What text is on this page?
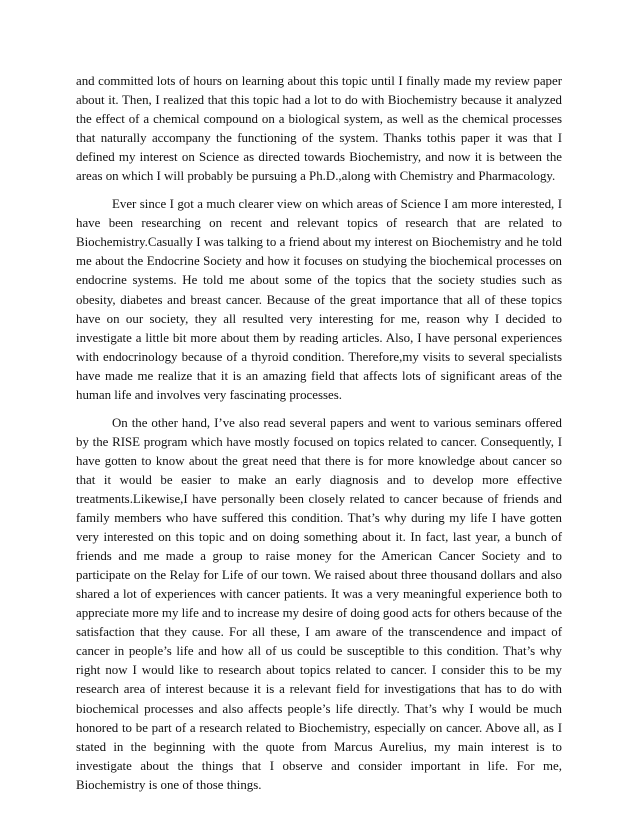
and committed lots of hours on learning about this topic until I finally made my review paper about it. Then, I realized that this topic had a lot to do with Biochemistry because it analyzed the effect of a chemical compound on a biological system, as well as the chemical processes that naturally accompany the functioning of the system. Thanks tothis paper it was that I defined my interest on Science as directed towards Biochemistry, and now it is between the areas on which I will probably be pursuing a Ph.D.,along with Chemistry and Pharmacology.

Ever since I got a much clearer view on which areas of Science I am more interested, I have been researching on recent and relevant topics of research that are related to Biochemistry.Casually I was talking to a friend about my interest on Biochemistry and he told me about the Endocrine Society and how it focuses on studying the biochemical processes on endocrine systems. He told me about some of the topics that the society studies such as obesity, diabetes and breast cancer. Because of the great importance that all of these topics have on our society, they all resulted very interesting for me, reason why I decided to investigate a little bit more about them by reading articles. Also, I have personal experiences with endocrinology because of a thyroid condition. Therefore,my visits to several specialists have made me realize that it is an amazing field that affects lots of significant areas of the human life and involves very fascinating processes.

On the other hand, I’ve also read several papers and went to various seminars offered by the RISE program which have mostly focused on topics related to cancer. Consequently, I have gotten to know about the great need that there is for more knowledge about cancer so that it would be easier to make an early diagnosis and to develop more effective treatments.Likewise,I have personally been closely related to cancer because of friends and family members who have suffered this condition. That’s why during my life I have gotten very interested on this topic and on doing something about it. In fact, last year, a bunch of friends and me made a group to raise money for the American Cancer Society and to participate on the Relay for Life of our town. We raised about three thousand dollars and also shared a lot of experiences with cancer patients. It was a very meaningful experience both to appreciate more my life and to increase my desire of doing good acts for others because of the satisfaction that they cause. For all these, I am aware of the transcendence and impact of cancer in people’s life and how all of us could be susceptible to this condition. That’s why right now I would like to research about topics related to cancer. I consider this to be my research area of interest because it is a relevant field for investigations that has to do with biochemical processes and also affects people’s life directly. That’s why I would be much honored to be part of a research related to Biochemistry, especially on cancer. Above all, as I stated in the beginning with the quote from Marcus Aurelius, my main interest is to investigate about the things that I observe and consider important in life. For me, Biochemistry is one of those things.
